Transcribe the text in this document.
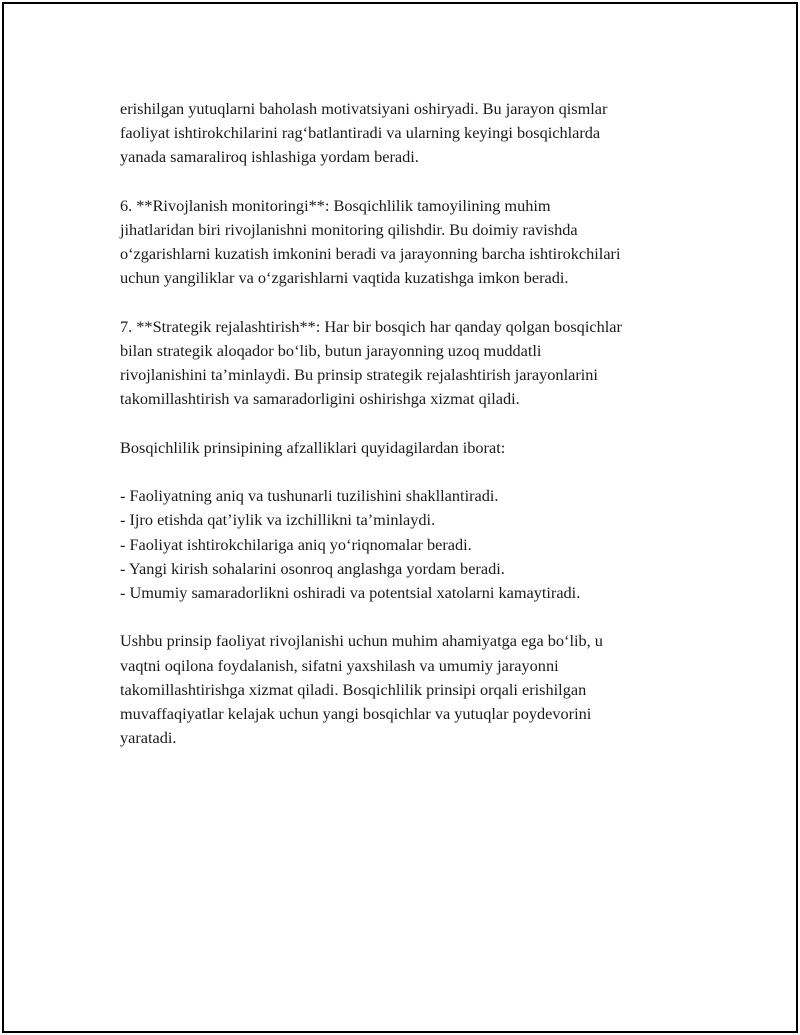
erishilgan yutuqlarni baholash motivatsiyani oshiryadi. Bu jarayon qismlar
faoliyat ishtirokchilarini rag‘batlantiradi va ularning keyingi bosqichlarda
yanada samaraliroq ishlashiga yordam beradi.

6. **Rivojlanish monitoringi**: Bosqichlilik tamoyilining muhim
jihatlaridan biri rivojlanishni monitoring qilishdir. Bu doimiy ravishda
o‘zgarishlarni kuzatish imkonini beradi va jarayonning barcha ishtirokchilari
uchun yangiliklar va o‘zgarishlarni vaqtida kuzatishga imkon beradi.

7. **Strategik rejalashtirish**: Har bir bosqich har qanday qolgan bosqichlar
bilan strategik aloqador bo‘lib, butun jarayonning uzoq muddatli
rivojlanishini ta’minlaydi. Bu prinsip strategik rejalashtirish jarayonlarini
takomillashtirish va samaradorligini oshirishga xizmat qiladi.

Bosqichlilik prinsipining afzalliklari quyidagilardan iborat:

- Faoliyatning aniq va tushunarli tuzilishini shakllantiradi.
- Ijro etishda qat’iylik va izchillikni ta’minlaydi.
- Faoliyat ishtirokchilariga aniq yo‘riqnomalar beradi.
- Yangi kirish sohalarini osonroq anglashga yordam beradi.
- Umumiy samaradorlikni oshiradi va potentsial xatolarni kamaytiradi.

Ushbu prinsip faoliyat rivojlanishi uchun muhim ahamiyatga ega bo‘lib, u
vaqtni oqilona foydalanish, sifatni yaxshilash va umumiy jarayonni
takomillashtirishga xizmat qiladi. Bosqichlilik prinsipi orqali erishilgan
muvaffaqiyatlar kelajak uchun yangi bosqichlar va yutuqlar poydevorini
yaratadi.
